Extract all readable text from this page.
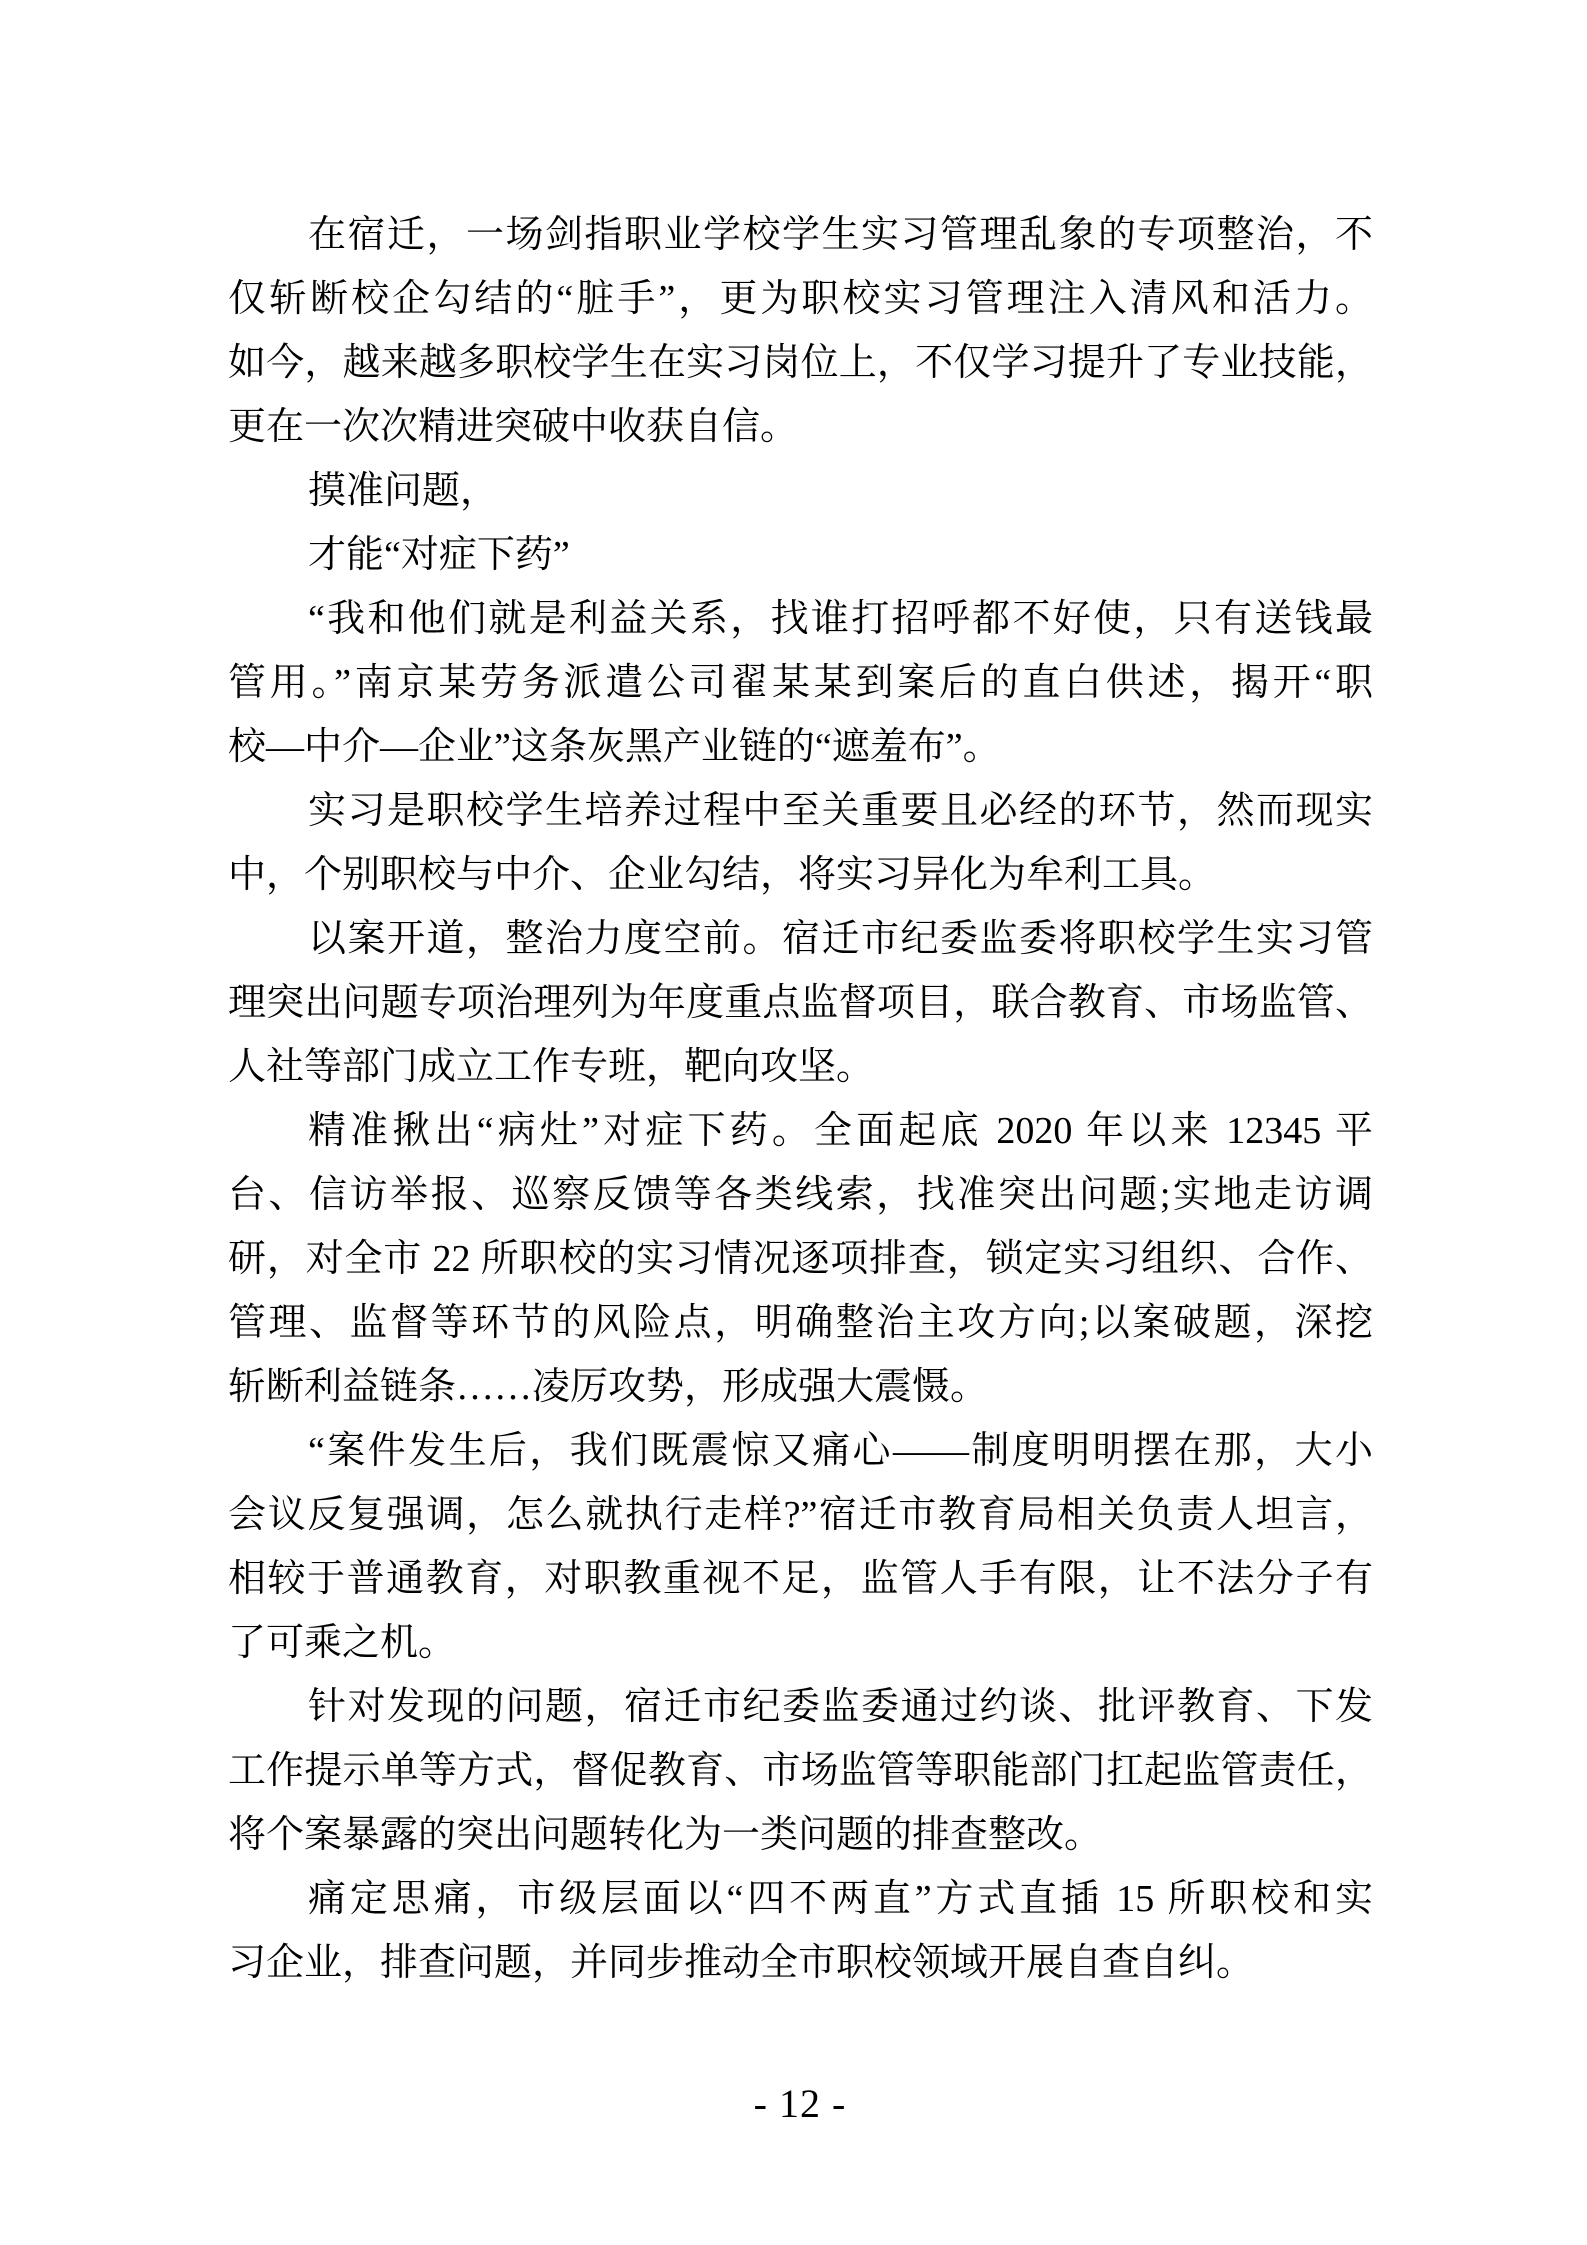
在宿迁，一场剑指职业学校学生实习管理乱象的专项整治，不
仅斩断校企勾结的“脏手”，更为职校实习管理注入清风和活力。
如今，越来越多职校学生在实习岗位上，不仅学习提升了专业技能，
更在一次次精进突破中收获自信。
摸准问题，
才能“对症下药”
“我和他们就是利益关系，找谁打招呼都不好使，只有送钱最
管用。”南京某劳务派遣公司翟某某到案后的直白供述，揭开“职
校—中介—企业”这条灰黑产业链的“遮羞布”。
实习是职校学生培养过程中至关重要且必经的环节，然而现实
中，个别职校与中介、企业勾结，将实习异化为牟利工具。
以案开道，整治力度空前。宿迁市纪委监委将职校学生实习管
理突出问题专项治理列为年度重点监督项目，联合教育、市场监管、
人社等部门成立工作专班，靶向攻坚。
精准揪出“病灶”对症下药。全面起底 2020 年以来 12345 平
台、信访举报、巡察反馈等各类线索，找准突出问题;实地走访调
研，对全市 22 所职校的实习情况逐项排查，锁定实习组织、合作、
管理、监督等环节的风险点，明确整治主攻方向;以案破题，深挖
斩断利益链条……凌厉攻势，形成强大震慑。
“案件发生后，我们既震惊又痛心——制度明明摆在那，大小
会议反复强调，怎么就执行走样?”宿迁市教育局相关负责人坦言，
相较于普通教育，对职教重视不足，监管人手有限，让不法分子有
了可乘之机。
针对发现的问题，宿迁市纪委监委通过约谈、批评教育、下发
工作提示单等方式，督促教育、市场监管等职能部门扛起监管责任，
将个案暴露的突出问题转化为一类问题的排查整改。
痛定思痛，市级层面以“四不两直”方式直插 15 所职校和实
习企业，排查问题，并同步推动全市职校领域开展自查自纠。
- 12 -
